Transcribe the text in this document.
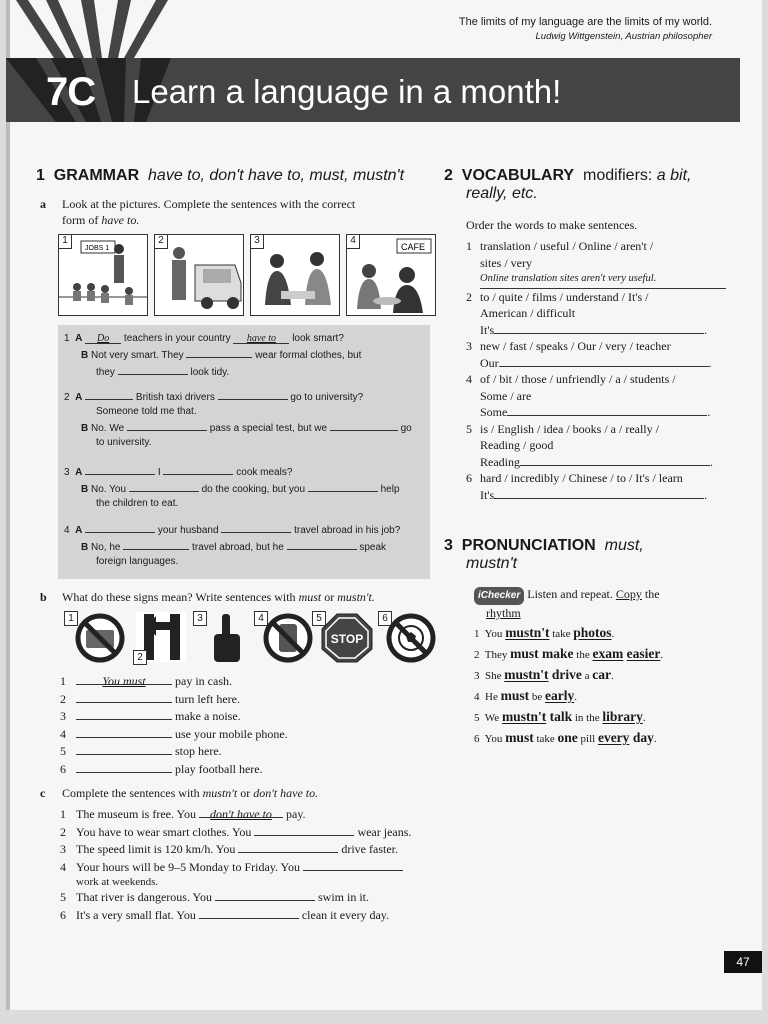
The limits of my language are the limits of my world.
Ludwig Wittgenstein, Austrian philosopher
7C Learn a language in a month!
1 GRAMMAR have to, don't have to, must, mustn't
a Look at the pictures. Complete the sentences with the correct
form of have to.
1
JOBS 1
2	3	4
CAFE
1 A Do teachers in your country have to look smart?
B Not very smart. They	wear formal clothes, but
they	look tidy.
2 A	British taxi drivers	go to university?
Someone told me that.
B No. We	pass a special test, but we	go
to university.
3 A	I	cook meals?
B No. You	do the cooking, but you	help
the children to eat.
4 A	your husband	travel abroad in his job?
B No, he	travel abroad, but he	speak
foreign languages.
b What do these signs mean? Write sentences with must or mustn't.
1
2
3	4	5
STOP
6
1	You must pay in cash.
2	turn left here.
3	make a noise.
4	use your mobile phone.
5	stop here.
6	play football here.
c Complete the sentences with mustn't or don't have to.
1 The museum is free. You don't have to pay.
2 You have to wear smart clothes. You	wear jeans.
3 The speed limit is 120 km/h. You	drive faster.
4 Your hours will be 9–5 Monday to Friday. You
work at weekends.
5 That river is dangerous. You	swim in it.
6 It's a very small flat. You	clean it every day.
2 VOCABULARY modifiers: a bit,
really, etc.
Order the words to make sentences.
1 translation / useful / Online / aren't /
sites / very
Online translation sites aren't very useful.
2 to / quite / films / understand / It's /
American / difficult
It's	.
3 new / fast / speaks / Our / very / teacher
Our	.
4 of / bit / those / unfriendly / a / students /
Some / are
Some	.
5 is / English / idea / books / a / really /
Reading / good
Reading	.
6 hard / incredibly / Chinese / to / It's / learn
It's	.
3 PRONUNCIATION must,
mustn't
iChecker Listen and repeat. Copy the
rhythm
1  You mustn't take photos.
2  They must make the exam easier.
3  She mustn't drive a car.
4  He must be early.
5  We mustn't talk in the library.
6  You must take one pill every day.
47
